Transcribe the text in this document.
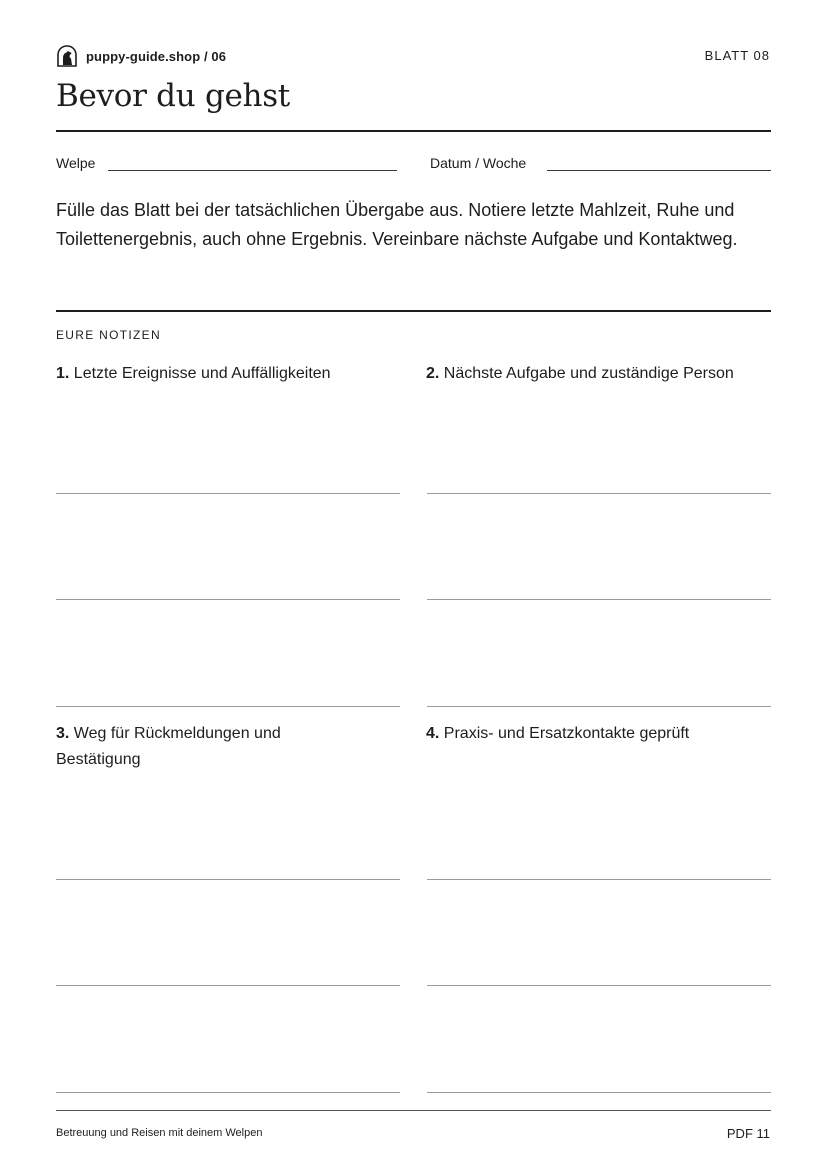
puppy-guide.shop / 06	BLATT 08
Bevor du gehst
Welpe	Datum / Woche

Fülle das Blatt bei der tatsächlichen Übergabe aus. Notiere letzte Mahlzeit, Ruhe und Toilettenergebnis, auch ohne Ergebnis. Vereinbare nächste Aufgabe und Kontaktweg.

EURE NOTIZEN

1. Letzte Ereignisse und Auffälligkeiten	2. Nächste Aufgabe und zuständige Person

3. Weg für Rückmeldungen und Bestätigung

4. Praxis- und Ersatzkontakte geprüft

Betreuung und Reisen mit deinem Welpen	PDF 11
